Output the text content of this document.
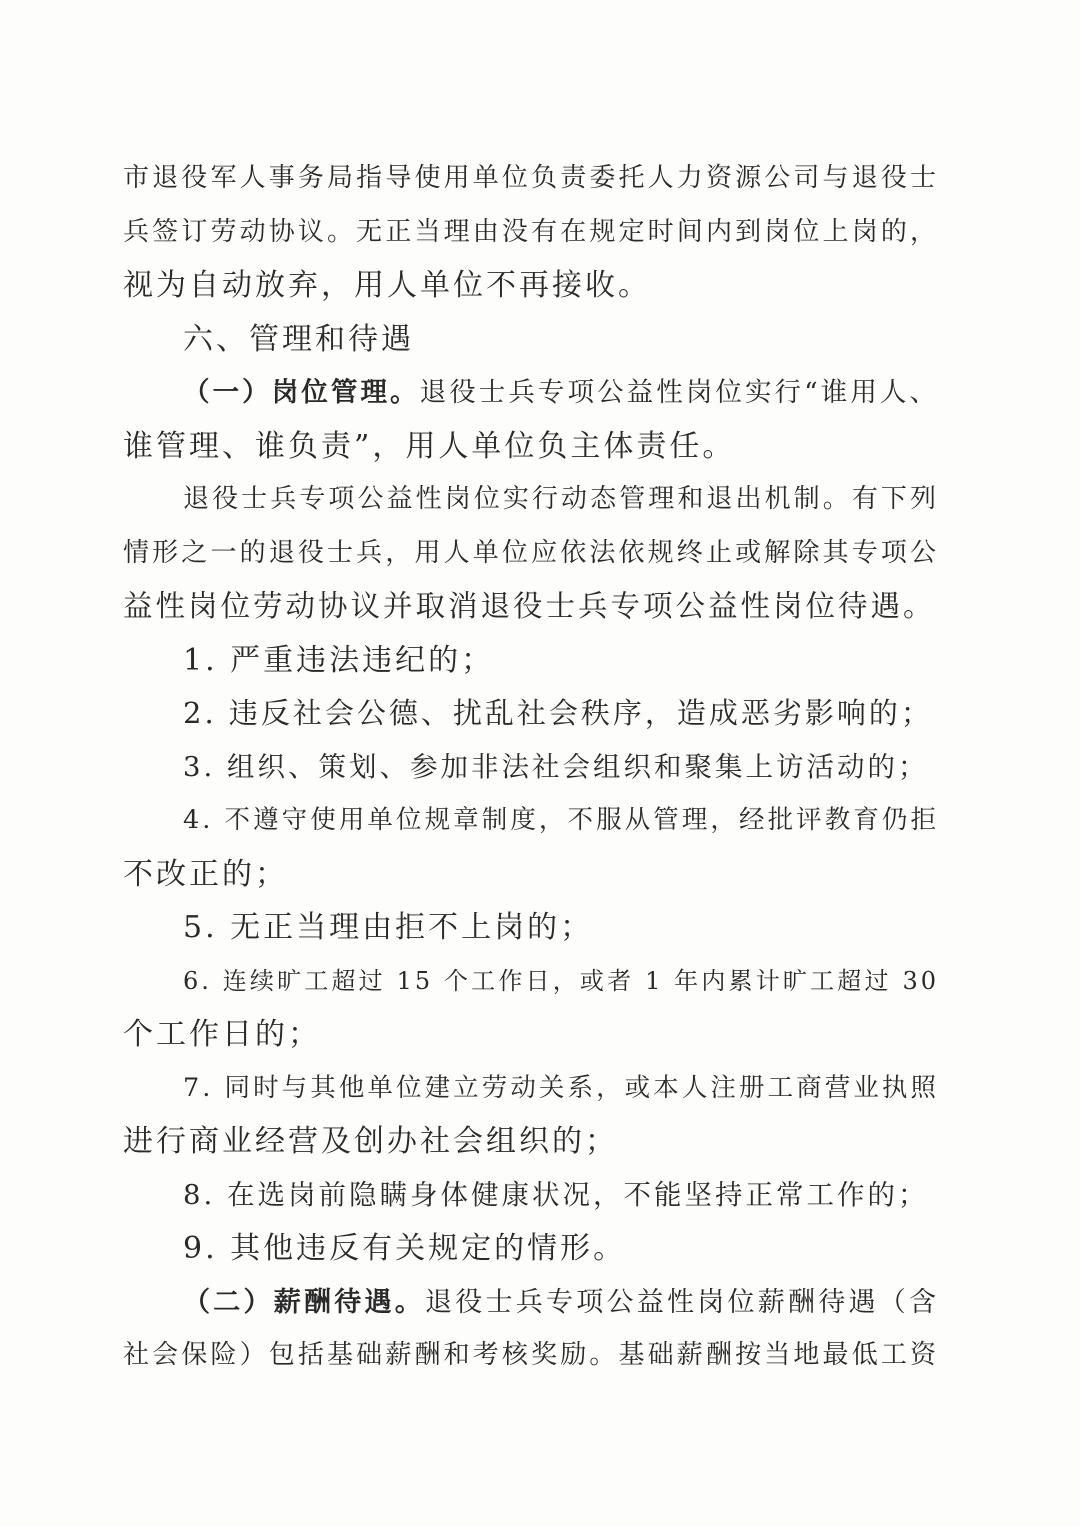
市退役军人事务局指导使用单位负责委托人力资源公司与退役士
兵签订劳动协议。无正当理由没有在规定时间内到岗位上岗的，
视为自动放弃，用人单位不再接收。
六、管理和待遇
（一）岗位管理。退役士兵专项公益性岗位实行“谁用人、
谁管理、谁负责”，用人单位负主体责任。
退役士兵专项公益性岗位实行动态管理和退出机制。有下列
情形之一的退役士兵，用人单位应依法依规终止或解除其专项公
益性岗位劳动协议并取消退役士兵专项公益性岗位待遇。
1. 严重违法违纪的；
2. 违反社会公德、扰乱社会秩序，造成恶劣影响的；
3. 组织、策划、参加非法社会组织和聚集上访活动的；
4. 不遵守使用单位规章制度，不服从管理，经批评教育仍拒
不改正的；
5. 无正当理由拒不上岗的；
6. 连续旷工超过 15 个工作日，或者 1 年内累计旷工超过 30
个工作日的；
7. 同时与其他单位建立劳动关系，或本人注册工商营业执照
进行商业经营及创办社会组织的；
8. 在选岗前隐瞒身体健康状况，不能坚持正常工作的；
9. 其他违反有关规定的情形。
（二）薪酬待遇。退役士兵专项公益性岗位薪酬待遇（含
社会保险）包括基础薪酬和考核奖励。基础薪酬按当地最低工资
